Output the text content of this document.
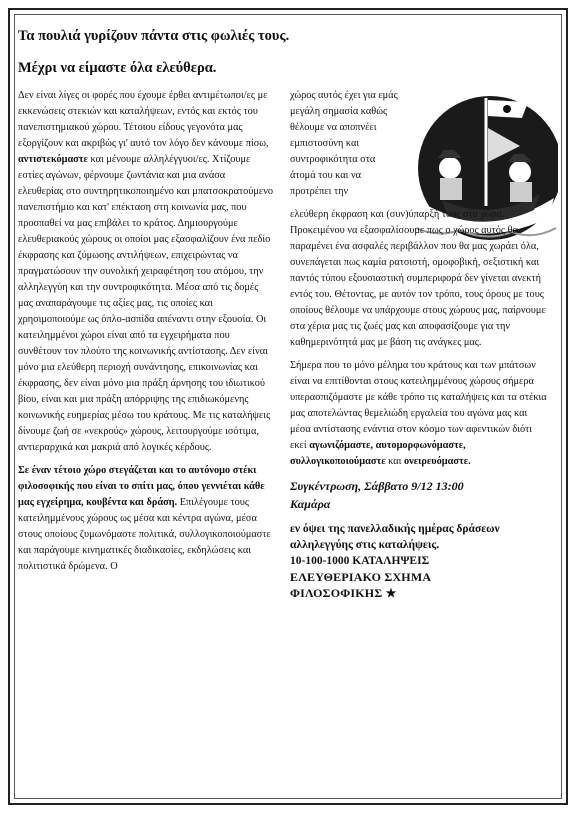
Τα πουλιά γυρίζουν πάντα στις φωλιές τους.
Μέχρι να είμαστε όλα ελεύθερα.

Δεν είναι λίγες οι φορές που έχουμε έρθει αντιμέτωποι/ες με εκκενώσεις στεκιών και καταλήψεων, εντός και εκτός του πανεπιστημιακού χώρου. Τέτοιου είδους γεγονότα μας εξοργίζουν και ακριβώς γι' αυτό τον λόγο δεν κάνουμε πίσω, αντιστεκόμαστε και μένουμε αλληλέγγυοι/ες. Χτίζουμε εστίες αγώνων, φέρνουμε ζωντάνια και μια ανάσα ελευθερίας στο συντηρητικοποιημένο και μπατσοκρατούμενο πανεπιστήμιο και κατ' επέκταση στη κοινωνία μας, που προσπαθεί να μας επιβάλει το κράτος. Δημιουργούμε ελευθεριακούς χώρους οι οποίοι μας εξασφαλίζουν ένα πεδίο έκφρασης και ζύμωσης αντιλήψεων, επιχειρώντας να πραγματώσουν την συνολική χειραφέτηση του ατόμου, την αλληλεγγύη και την συντροφικότητα. Μέσα από τις δομές μας αναπαράγουμε τις αξίες μας, τις οποίες και χρησιμοποιούμε ως όπλο-ασπίδα απέναντι στην εξουσία. Οι κατειλημμένοι χώροι είναι από τα εγχειρήματα που συνθέτουν τον πλούτο της κοινωνικής αντίστασης. Δεν είναι μόνο μια ελεύθερη περιοχή συνάντησης, επικοινωνίας και έκφρασης, δεν είναι μόνο μια πράξη άρνησης του ιδιωτικού βίου, είναι και μια πράξη απόρριψης της επιδιωκόμενης κοινωνικής ευημερίας μέσω του κράτους. Με τις καταλήψεις δίνουμε ζωή σε «νεκρούς» χώρους, λειτουργούμε ισότιμα, αντιεραρχικά και μακριά από λογικές κέρδους.

Σε έναν τέτοιο χώρο στεγάζεται και το αυτόνομο στέκι φιλοσοφικής που είναι το σπίτι μας, όπου γεννιέται κάθε μας εγχείρημα, κουβέντα και δράση. Επιλέγουμε τους κατειλημμένους χώρους ως μέσα και κέντρα αγώνα, μέσα στους οποίους ζυμωνόμαστε πολιτικά, συλλογικοποιούμαστε και παράγουμε κινηματικές διαδικασίες, εκδηλώσεις και πολιτιστικά δρώμενα. Ο

χώρος αυτός έχει για εμάς μεγάλη σημασία καθώς θέλουμε να αποπνέει εμπιστοσύνη και συντροφικότητα στα άτομά του και να προτρέπει την

ελεύθερη έκφραση και (συν)ύπαρξή τους στο χώρο. Προκειμένου να εξασφαλίσουμε πως ο χώρος αυτός θα παραμένει ένα ασφαλές περιβάλλον που θα μας χωράει όλα, συνεπάγεται πως καμία ρατσιστή, ομοφοβική, σεξιστική και παντός τύπου εξουσιαστική συμπεριφορά δεν γίνεται ανεκτή εντός του. Θέτοντας, με αυτόν τον τρόπο, τους όρους με τους οποίους θέλουμε να υπάρχουμε στους χώρους μας, παίρνουμε στα χέρια μας τις ζωές μας και αποφασίζουμε για την καθημερινότητά μας με βάση τις ανάγκες μας.

Σήμερα που το μόνο μέλημα του κράτους και των μπάτσων είναι να επιτίθονται στους κατειλημμένους χώρους σήμερα υπερασπιζόμαστε με κάθε τρόπο τις καταλήψεις και τα στέκια μας αποτελώντας θεμελιώδη εργαλεία του αγώνα μας και μέσα αντίστασης ενάντια στον κόσμο των αφεντικών διότι εκεί αγωνιζόμαστε, αυτομορφωνόμαστε, συλλογικοποιούμαστε και ονειρευόμαστε.

Συγκέντρωση, Σάββατο 9/12 13:00
Καμάρα
εν όψει της πανελλαδικής ημέρας δράσεων αλληλεγγύης στις καταλήψεις.
10-100-1000 ΚΑΤΑΛΗΨΕΙΣ
ΕΛΕΥΘΕΡΙΑΚΟ ΣΧΗΜΑ
ΦΙΛΟΣΟΦΙΚΗΣ ★
